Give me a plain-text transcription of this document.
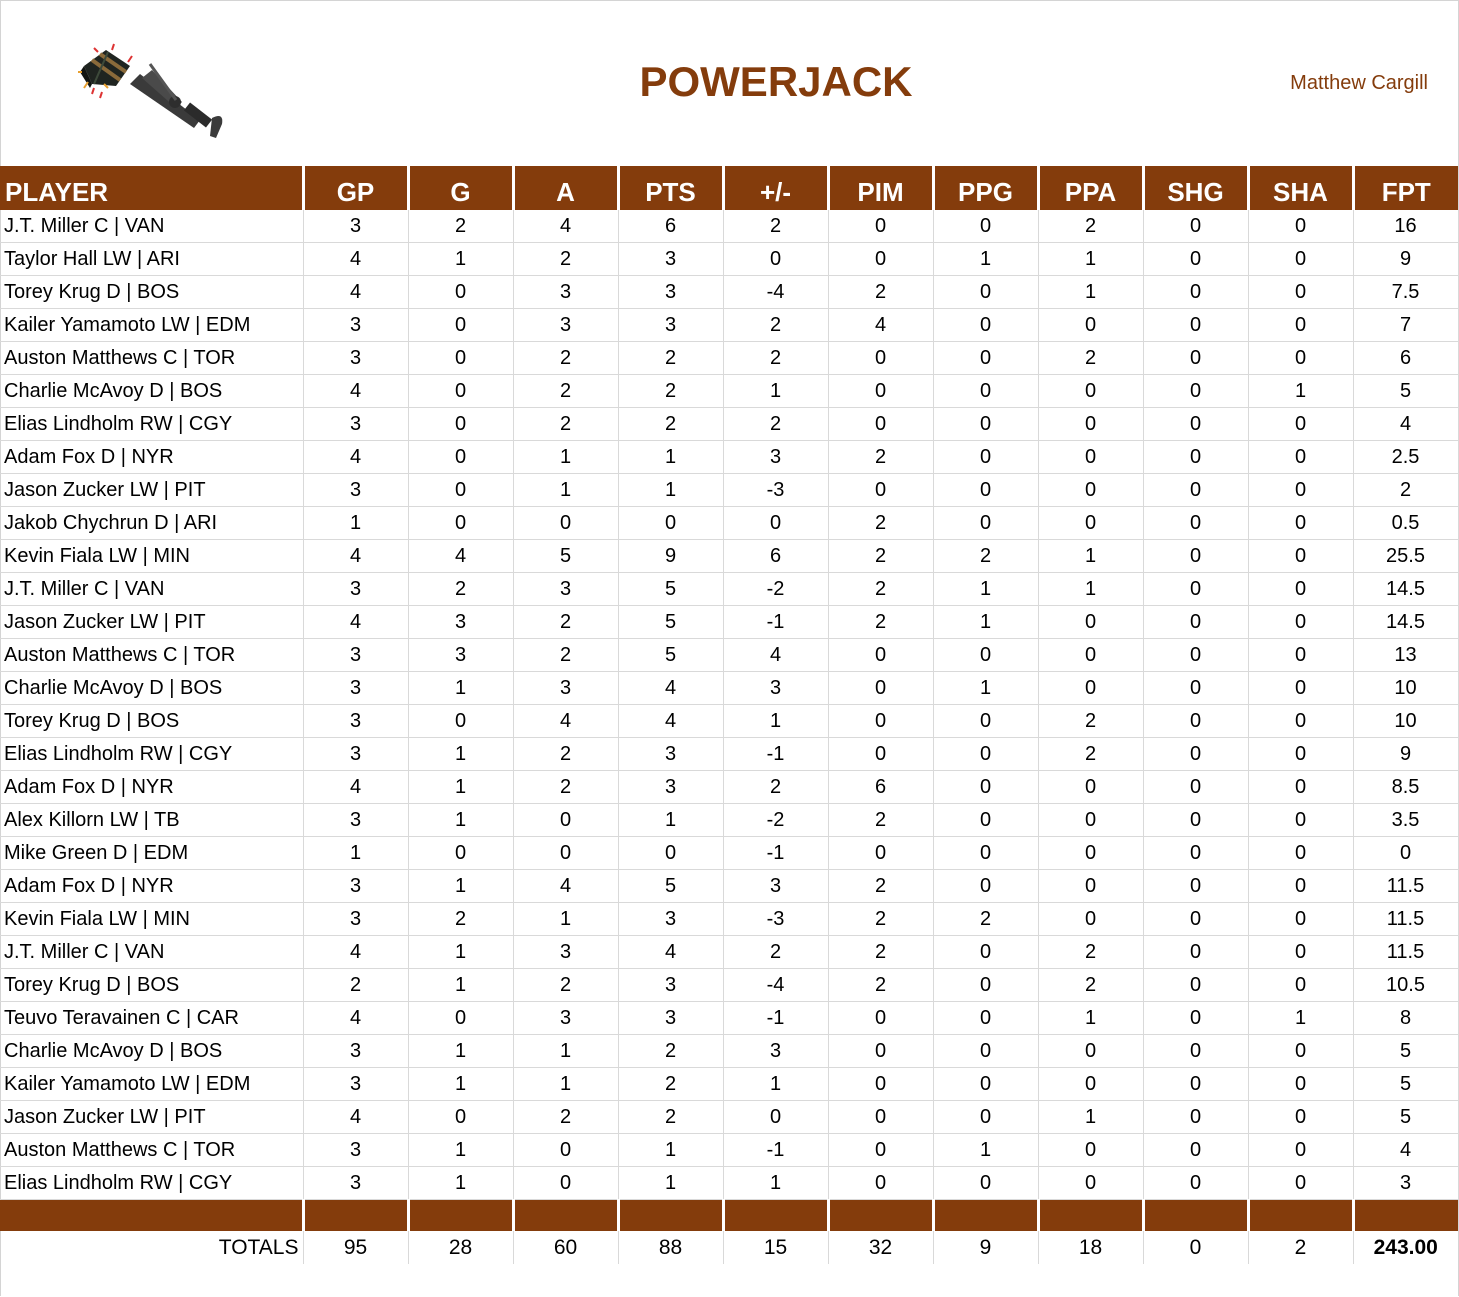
POWERJACK	Matthew Cargill
PLAYER	GP	G	A	PTS	+/-	PIM	PPG	PPA	SHG	SHA	FPT
J.T. Miller C | VAN	3	2	4	6	2	0	0	2	0	0	16
Taylor Hall LW | ARI	4	1	2	3	0	0	1	1	0	0	9
Torey Krug D | BOS	4	0	3	3	-4	2	0	1	0	0	7.5
Kailer Yamamoto LW | EDM	3	0	3	3	2	4	0	0	0	0	7
Auston Matthews C | TOR	3	0	2	2	2	0	0	2	0	0	6
Charlie McAvoy D | BOS	4	0	2	2	1	0	0	0	0	1	5
Elias Lindholm RW | CGY	3	0	2	2	2	0	0	0	0	0	4
Adam Fox D | NYR	4	0	1	1	3	2	0	0	0	0	2.5
Jason Zucker LW | PIT	3	0	1	1	-3	0	0	0	0	0	2
Jakob Chychrun D | ARI	1	0	0	0	0	2	0	0	0	0	0.5
Kevin Fiala LW | MIN	4	4	5	9	6	2	2	1	0	0	25.5
J.T. Miller C | VAN	3	2	3	5	-2	2	1	1	0	0	14.5
Jason Zucker LW | PIT	4	3	2	5	-1	2	1	0	0	0	14.5
Auston Matthews C | TOR	3	3	2	5	4	0	0	0	0	0	13
Charlie McAvoy D | BOS	3	1	3	4	3	0	1	0	0	0	10
Torey Krug D | BOS	3	0	4	4	1	0	0	2	0	0	10
Elias Lindholm RW | CGY	3	1	2	3	-1	0	0	2	0	0	9
Adam Fox D | NYR	4	1	2	3	2	6	0	0	0	0	8.5
Alex Killorn LW | TB	3	1	0	1	-2	2	0	0	0	0	3.5
Mike Green D | EDM	1	0	0	0	-1	0	0	0	0	0	0
Adam Fox D | NYR	3	1	4	5	3	2	0	0	0	0	11.5
Kevin Fiala LW | MIN	3	2	1	3	-3	2	2	0	0	0	11.5
J.T. Miller C | VAN	4	1	3	4	2	2	0	2	0	0	11.5
Torey Krug D | BOS	2	1	2	3	-4	2	0	2	0	0	10.5
Teuvo Teravainen C | CAR	4	0	3	3	-1	0	0	1	0	1	8
Charlie McAvoy D | BOS	3	1	1	2	3	0	0	0	0	0	5
Kailer Yamamoto LW | EDM	3	1	1	2	1	0	0	0	0	0	5
Jason Zucker LW | PIT	4	0	2	2	0	0	0	1	0	0	5
Auston Matthews C | TOR	3	1	0	1	-1	0	1	0	0	0	4
Elias Lindholm RW | CGY	3	1	0	1	1	0	0	0	0	0	3

TOTALS	95	28	60	88	15	32	9	18	0	2	243.00
